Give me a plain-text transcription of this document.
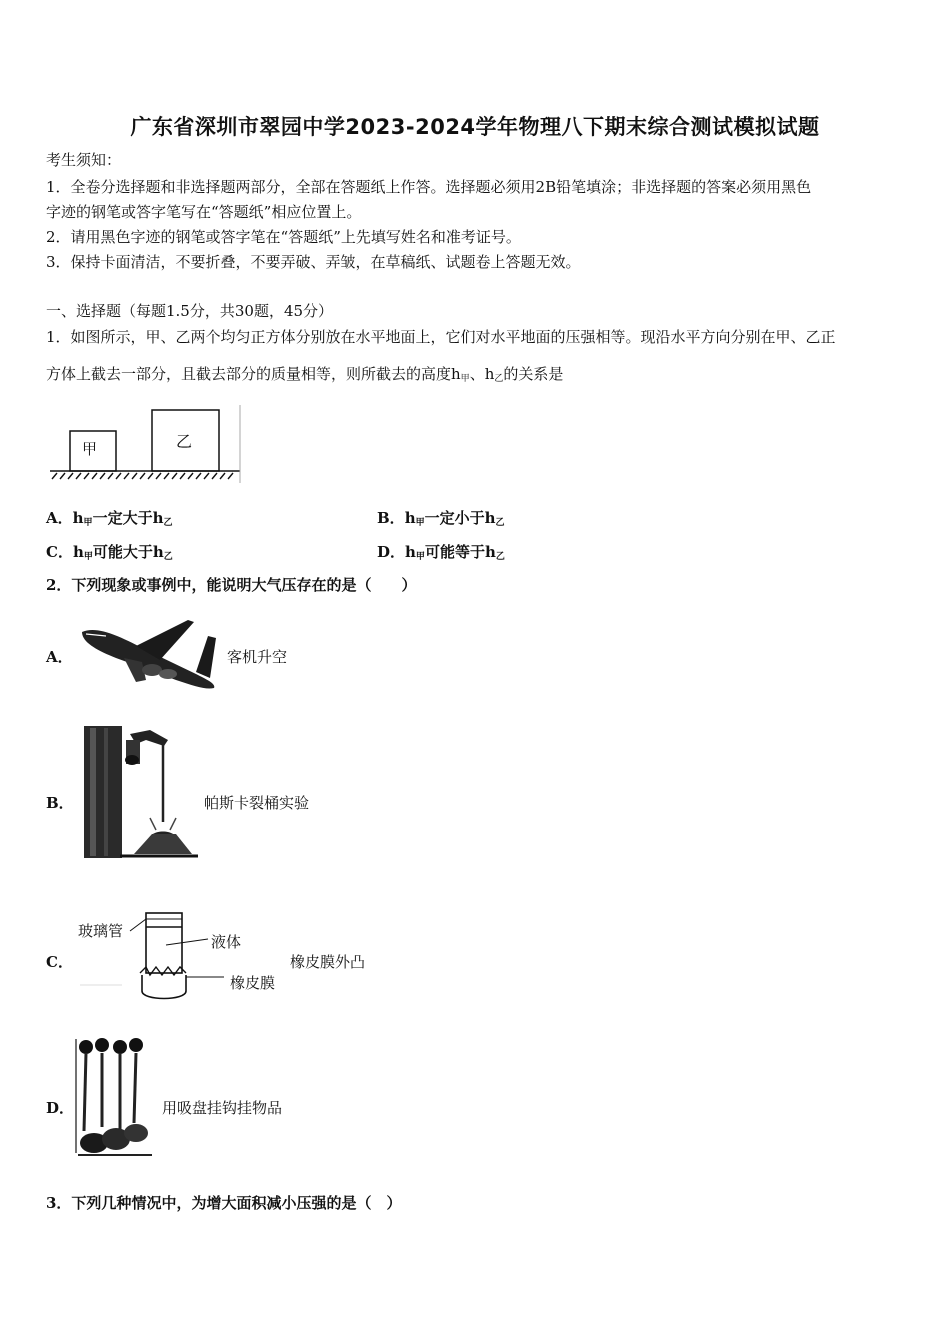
广东省深圳市翠园中学2023-2024学年物理八下期末综合测试模拟试题
考生须知：
1．全卷分选择题和非选择题两部分，全部在答题纸上作答。选择题必须用2B铅笔填涂；非选择题的答案必须用黑色
字迹的钢笔或答字笔写在“答题纸”相应位置上。
2．请用黑色字迹的钢笔或答字笔在“答题纸”上先填写姓名和准考证号。
3．保持卡面清洁，不要折叠，不要弄破、弄皱，在草稿纸、试题卷上答题无效。
一、选择题（每题1.5分，共30题，45分）
1．如图所示，甲、乙两个均匀正方体分别放在水平地面上，它们对水平地面的压强相等。现沿水平方向分别在甲、乙正
方体上截去一部分，且截去部分的质量相等，则所截去的高度$h_甲$、$h_乙$的关系是
甲	乙
A．$h_甲$一定大于$h_乙$	B．$h_甲$一定小于$h_乙$
C．$h_甲$可能大于$h_乙$	D．$h_甲$可能等于$h_乙$
2．下列现象或事例中，能说明大气压存在的是（　　）
A．	客机升空
B．	帕斯卡裂桶实验
C．
玻璃管
液体
橡皮膜
橡皮膜外凸
D．	用吸盘挂钩挂物品
3．下列几种情况中，为增大面积减小压强的是（　）
